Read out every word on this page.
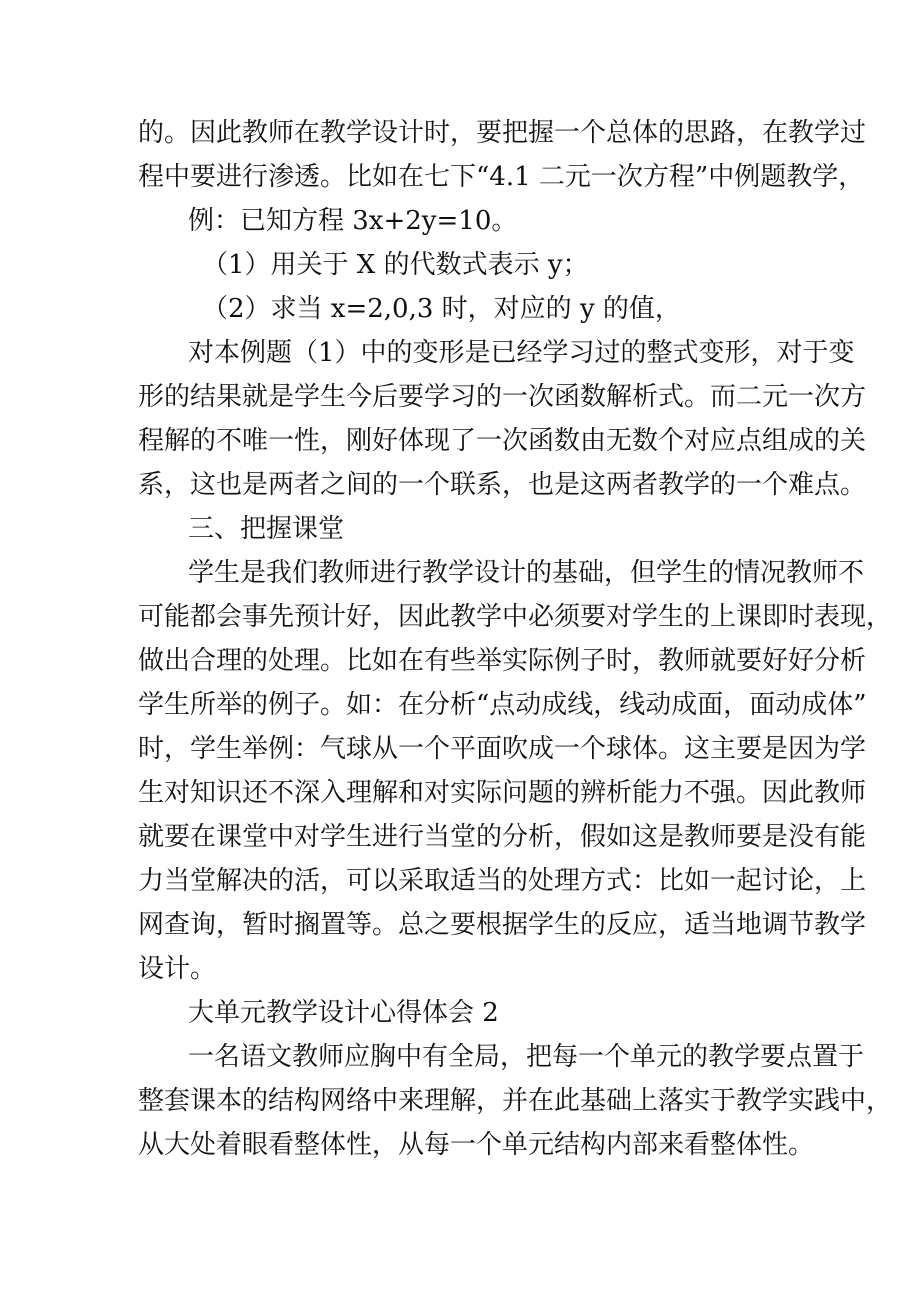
的。因此教师在教学设计时，要把握一个总体的思路，在教学过
程中要进行渗透。比如在七下“4.1 二元一次方程”中例题教学，
例：已知方程 3x+2y=10。
（1）用关于 X 的代数式表示 y；
（2）求当 x=2,0,3 时，对应的 y 的值，
对本例题（1）中的变形是已经学习过的整式变形，对于变
形的结果就是学生今后要学习的一次函数解析式。而二元一次方
程解的不唯一性，刚好体现了一次函数由无数个对应点组成的关
系，这也是两者之间的一个联系，也是这两者教学的一个难点。
三、把握课堂
学生是我们教师进行教学设计的基础，但学生的情况教师不
可能都会事先预计好，因此教学中必须要对学生的上课即时表现，
做出合理的处理。比如在有些举实际例子时，教师就要好好分析
学生所举的例子。如：在分析“点动成线，线动成面，面动成体”
时，学生举例：气球从一个平面吹成一个球体。这主要是因为学
生对知识还不深入理解和对实际问题的辨析能力不强。因此教师
就要在课堂中对学生进行当堂的分析，假如这是教师要是没有能
力当堂解决的活，可以采取适当的处理方式：比如一起讨论，上
网查询，暂时搁置等。总之要根据学生的反应，适当地调节教学
设计。
大单元教学设计心得体会 2
一名语文教师应胸中有全局，把每一个单元的教学要点置于
整套课本的结构网络中来理解，并在此基础上落实于教学实践中，
从大处着眼看整体性，从每一个单元结构内部来看整体性。
